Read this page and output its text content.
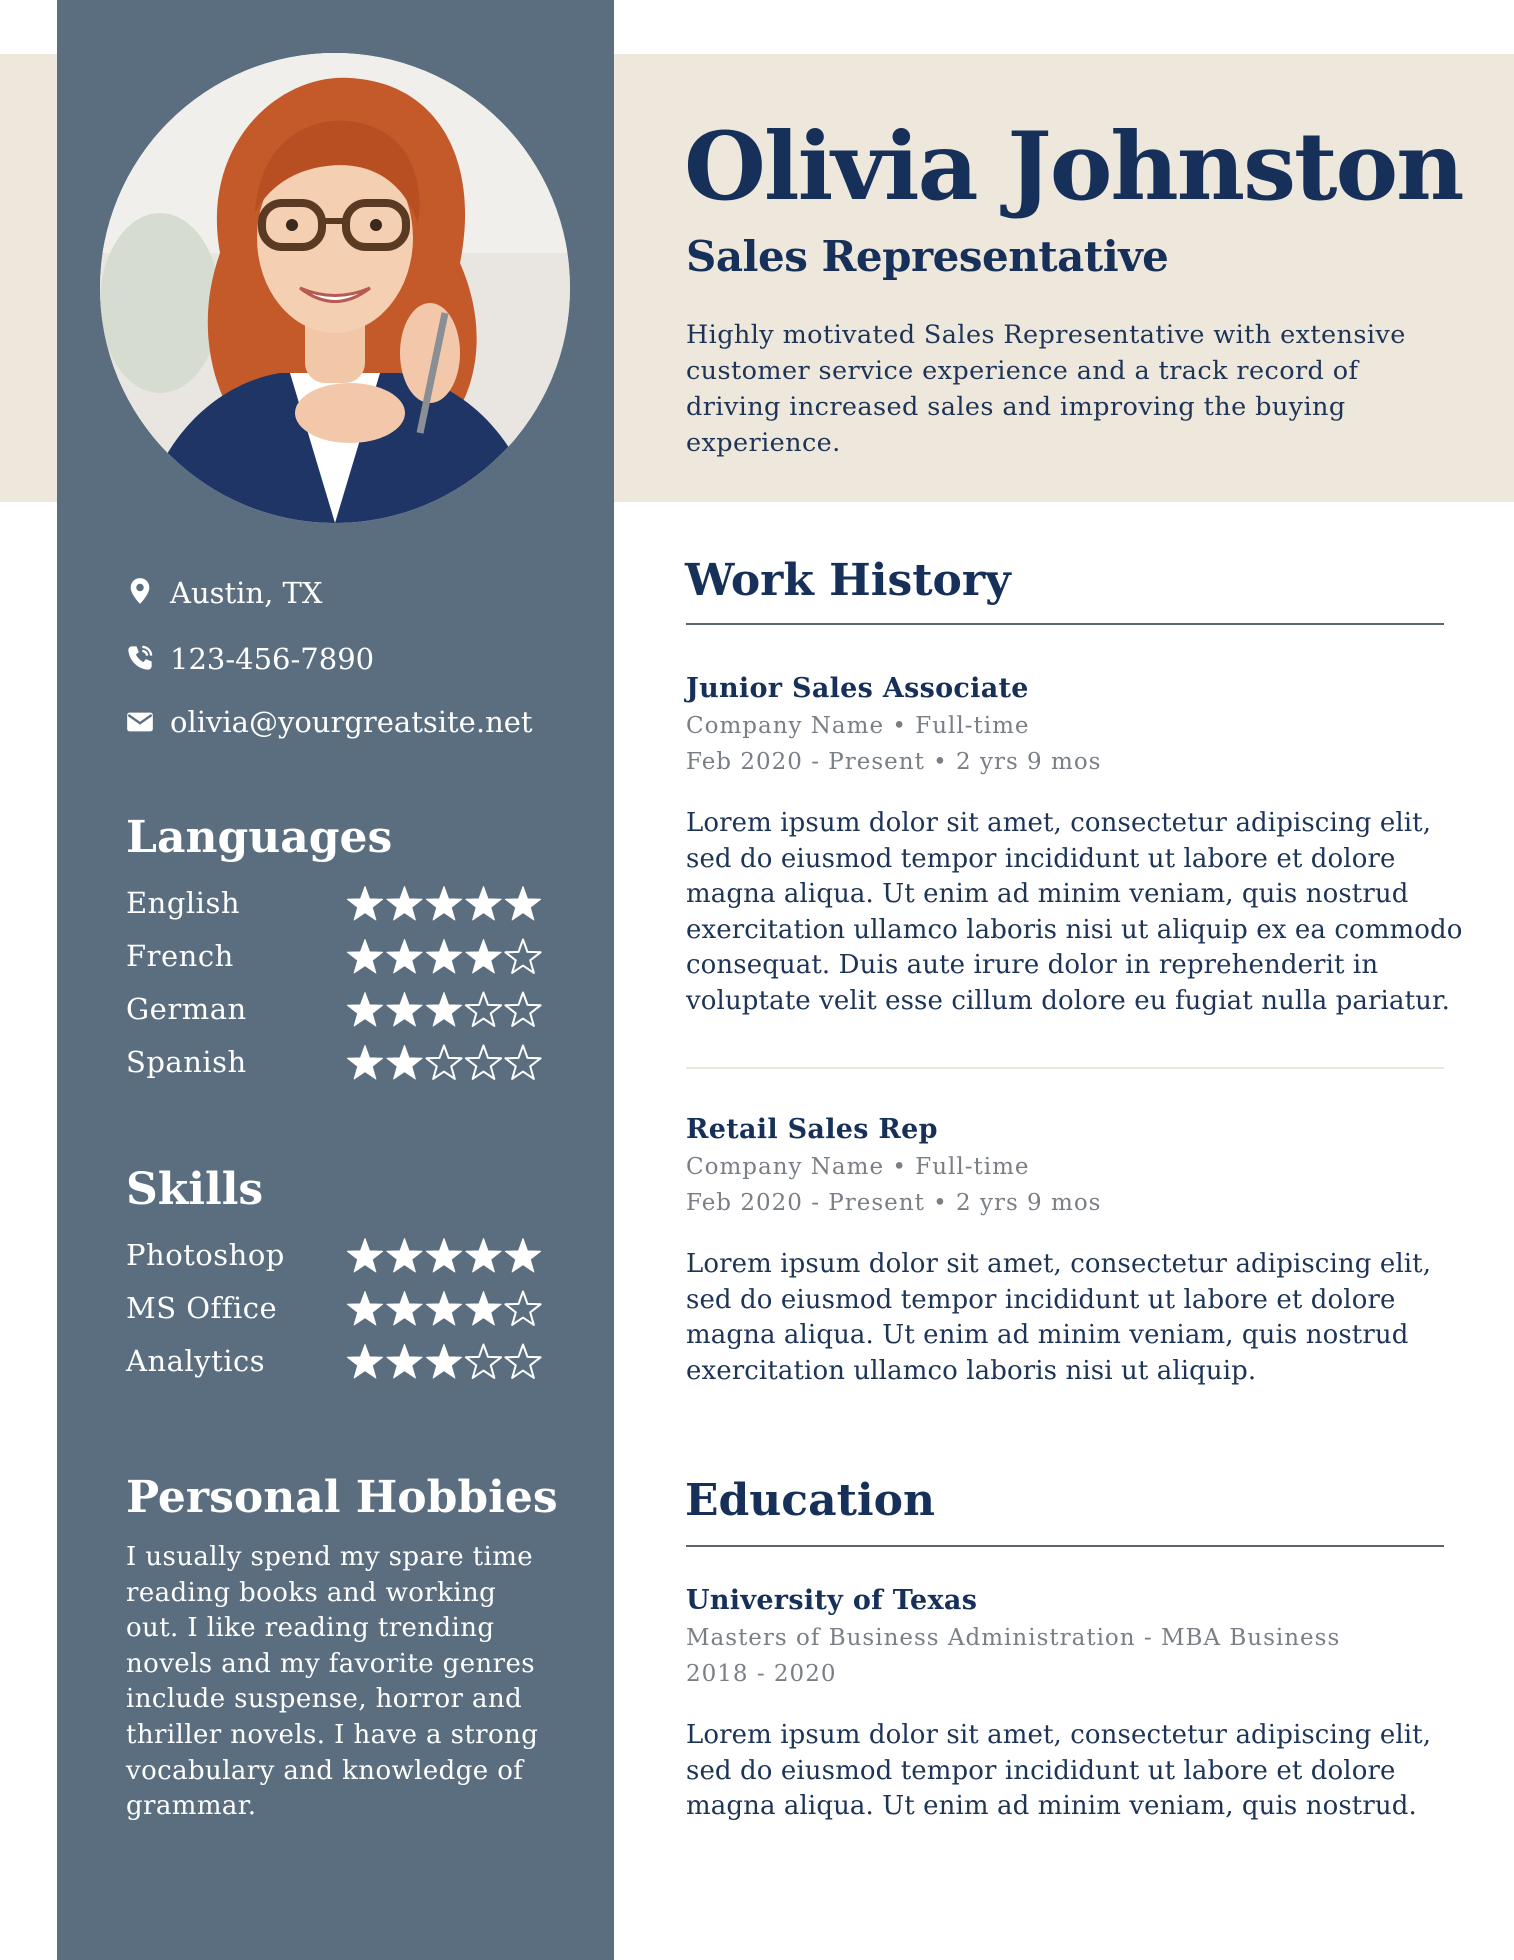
Austin, TX
123-456-7890
olivia@yourgreatsite.net
Languages
English
French
German
Spanish
Skills
Photoshop
MS Office
Analytics
Personal Hobbies
I usually spend my spare time reading books and working out. I like reading trending novels and my favorite genres include suspense, horror and thriller novels. I have a strong vocabulary and knowledge of grammar.
Olivia Johnston
Sales Representative
Highly motivated Sales Representative with extensive customer service experience and a track record of driving increased sales and improving the buying experience.
Work History
Junior Sales Associate
Company Name • Full-time
Feb 2020 - Present • 2 yrs 9 mos
Lorem ipsum dolor sit amet, consectetur adipiscing elit, sed do eiusmod tempor incididunt ut labore et dolore magna aliqua. Ut enim ad minim veniam, quis nostrud exercitation ullamco laboris nisi ut aliquip ex ea commodo consequat. Duis aute irure dolor in reprehenderit in voluptate velit esse cillum dolore eu fugiat nulla pariatur.
Retail Sales Rep
Company Name • Full-time
Feb 2020 - Present • 2 yrs 9 mos
Lorem ipsum dolor sit amet, consectetur adipiscing elit, sed do eiusmod tempor incididunt ut labore et dolore magna aliqua. Ut enim ad minim veniam, quis nostrud exercitation ullamco laboris nisi ut aliquip.
Education
University of Texas
Masters of Business Administration - MBA Business
2018 - 2020
Lorem ipsum dolor sit amet, consectetur adipiscing elit, sed do eiusmod tempor incididunt ut labore et dolore magna aliqua. Ut enim ad minim veniam, quis nostrud.
